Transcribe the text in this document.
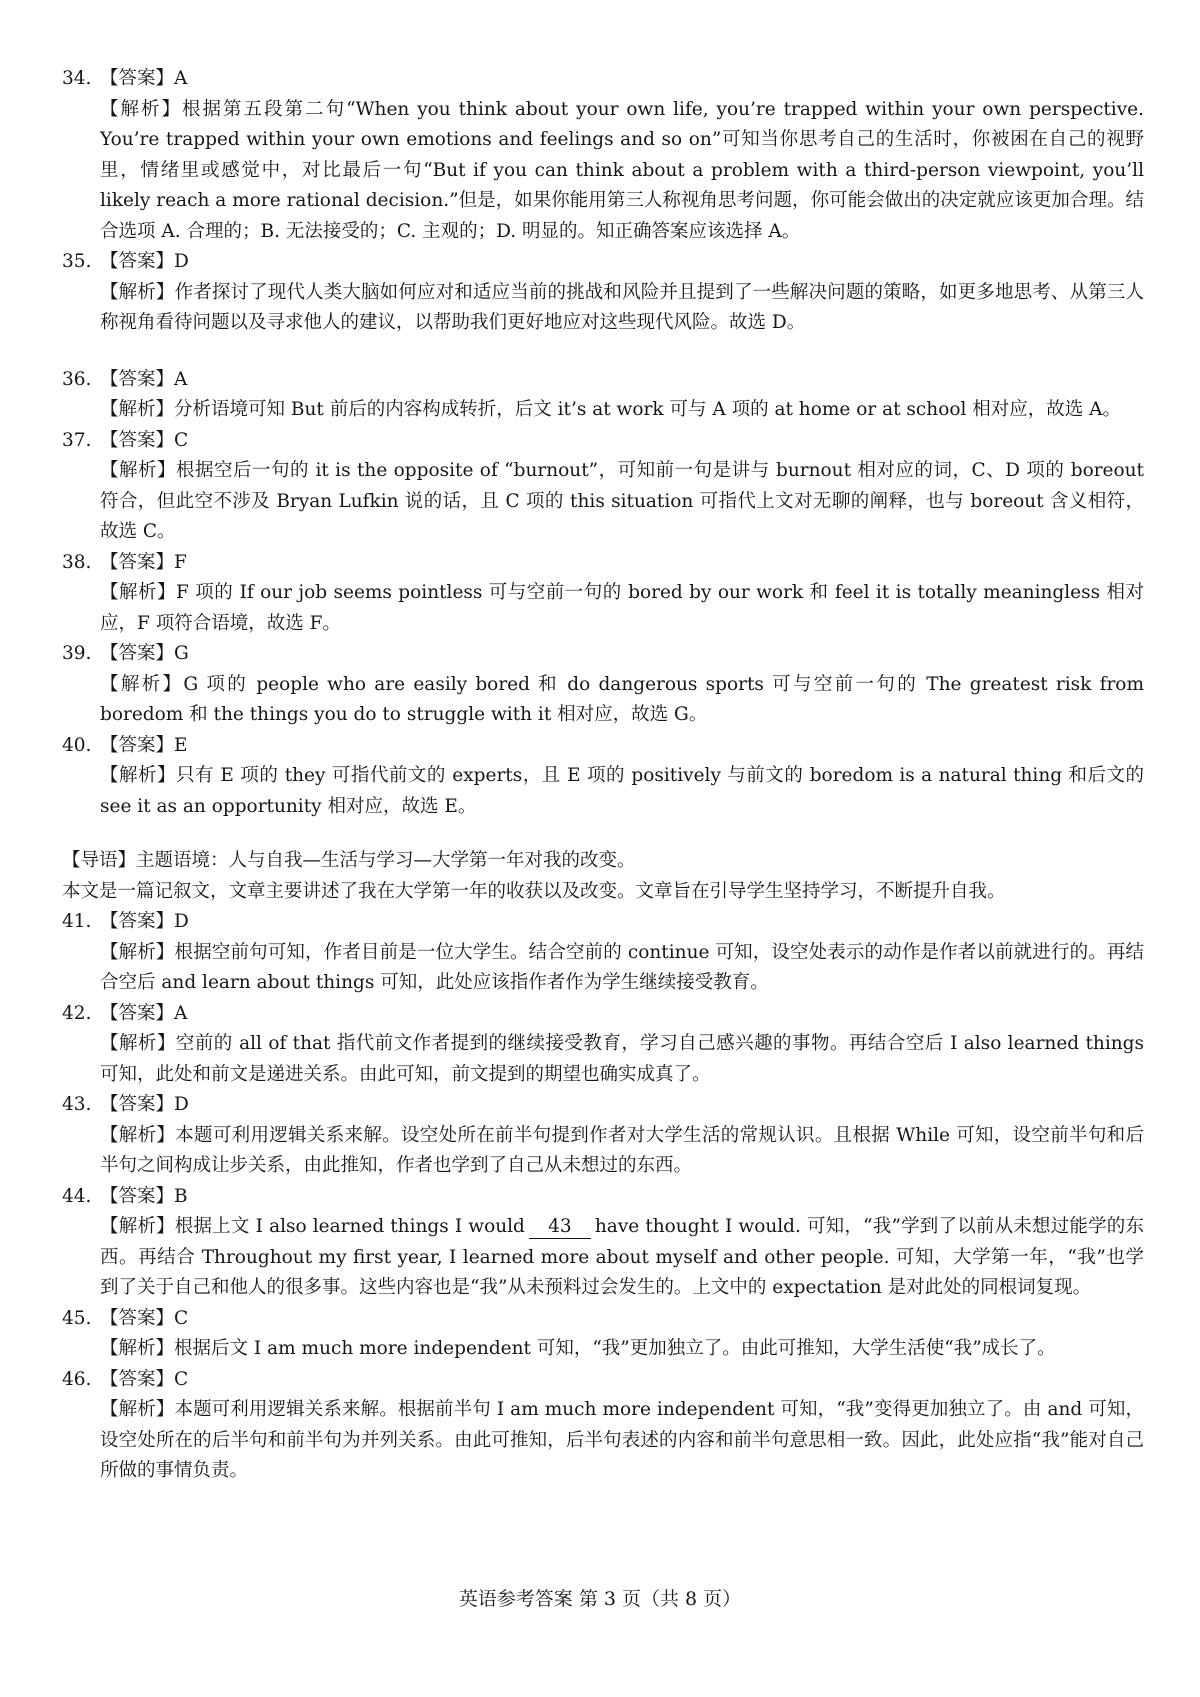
34. 【答案】A
【解析】根据第五段第二句“When you think about your own life, you’re trapped within your own perspective. You’re trapped within your own emotions and feelings and so on”可知当你思考自己的生活时，你被困在自己的视野里，情绪里或感觉中，对比最后一句“But if you can think about a problem with a third-person viewpoint, you’ll likely reach a more rational decision.”但是，如果你能用第三人称视角思考问题，你可能会做出的决定就应该更加合理。结合选项 A. 合理的；B. 无法接受的；C. 主观的；D. 明显的。知正确答案应该选择 A。
35. 【答案】D
【解析】作者探讨了现代人类大脑如何应对和适应当前的挑战和风险并且提到了一些解决问题的策略，如更多地思考、从第三人称视角看待问题以及寻求他人的建议，以帮助我们更好地应对这些现代风险。故选 D。
36. 【答案】A
【解析】分析语境可知 But 前后的内容构成转折，后文 it’s at work 可与 A 项的 at home or at school 相对应，故选 A。
37. 【答案】C
【解析】根据空后一句的 it is the opposite of “burnout”，可知前一句是讲与 burnout 相对应的词，C、D 项的 boreout 符合，但此空不涉及 Bryan Lufkin 说的话，且 C 项的 this situation 可指代上文对无聊的阐释，也与 boreout 含义相符，故选 C。
38. 【答案】F
【解析】F 项的 If our job seems pointless 可与空前一句的 bored by our work 和 feel it is totally meaningless 相对应，F 项符合语境，故选 F。
39. 【答案】G
【解析】G 项的 people who are easily bored 和 do dangerous sports 可与空前一句的 The greatest risk from boredom 和 the things you do to struggle with it 相对应，故选 G。
40. 【答案】E
【解析】只有 E 项的 they 可指代前文的 experts，且 E 项的 positively 与前文的 boredom is a natural thing 和后文的 see it as an opportunity 相对应，故选 E。
【导语】主题语境：人与自我—生活与学习—大学第一年对我的改变。
本文是一篇记叙文，文章主要讲述了我在大学第一年的收获以及改变。文章旨在引导学生坚持学习，不断提升自我。
41. 【答案】D
【解析】根据空前句可知，作者目前是一位大学生。结合空前的 continue 可知，设空处表示的动作是作者以前就进行的。再结合空后 and learn about things 可知，此处应该指作者作为学生继续接受教育。
42. 【答案】A
【解析】空前的 all of that 指代前文作者提到的继续接受教育，学习自己感兴趣的事物。再结合空后 I also learned things 可知，此处和前文是递进关系。由此可知，前文提到的期望也确实成真了。
43. 【答案】D
【解析】本题可利用逻辑关系来解。设空处所在前半句提到作者对大学生活的常规认识。且根据 While 可知，设空前半句和后半句之间构成让步关系，由此推知，作者也学到了自己从未想过的东西。
44. 【答案】B
【解析】根据上文 I also learned things I would 43 have thought I would. 可知，“我”学到了以前从未想过能学的东西。再结合 Throughout my first year, I learned more about myself and other people. 可知，大学第一年，“我”也学到了关于自己和他人的很多事。这些内容也是“我”从未预料过会发生的。上文中的 expectation 是对此处的同根词复现。
45. 【答案】C
【解析】根据后文 I am much more independent 可知，“我”更加独立了。由此可推知，大学生活使“我”成长了。
46. 【答案】C
【解析】本题可利用逻辑关系来解。根据前半句 I am much more independent 可知，“我”变得更加独立了。由 and 可知，设空处所在的后半句和前半句为并列关系。由此可推知，后半句表述的内容和前半句意思相一致。因此，此处应指“我”能对自己所做的事情负责。
英语参考答案 第 3 页（共 8 页）
